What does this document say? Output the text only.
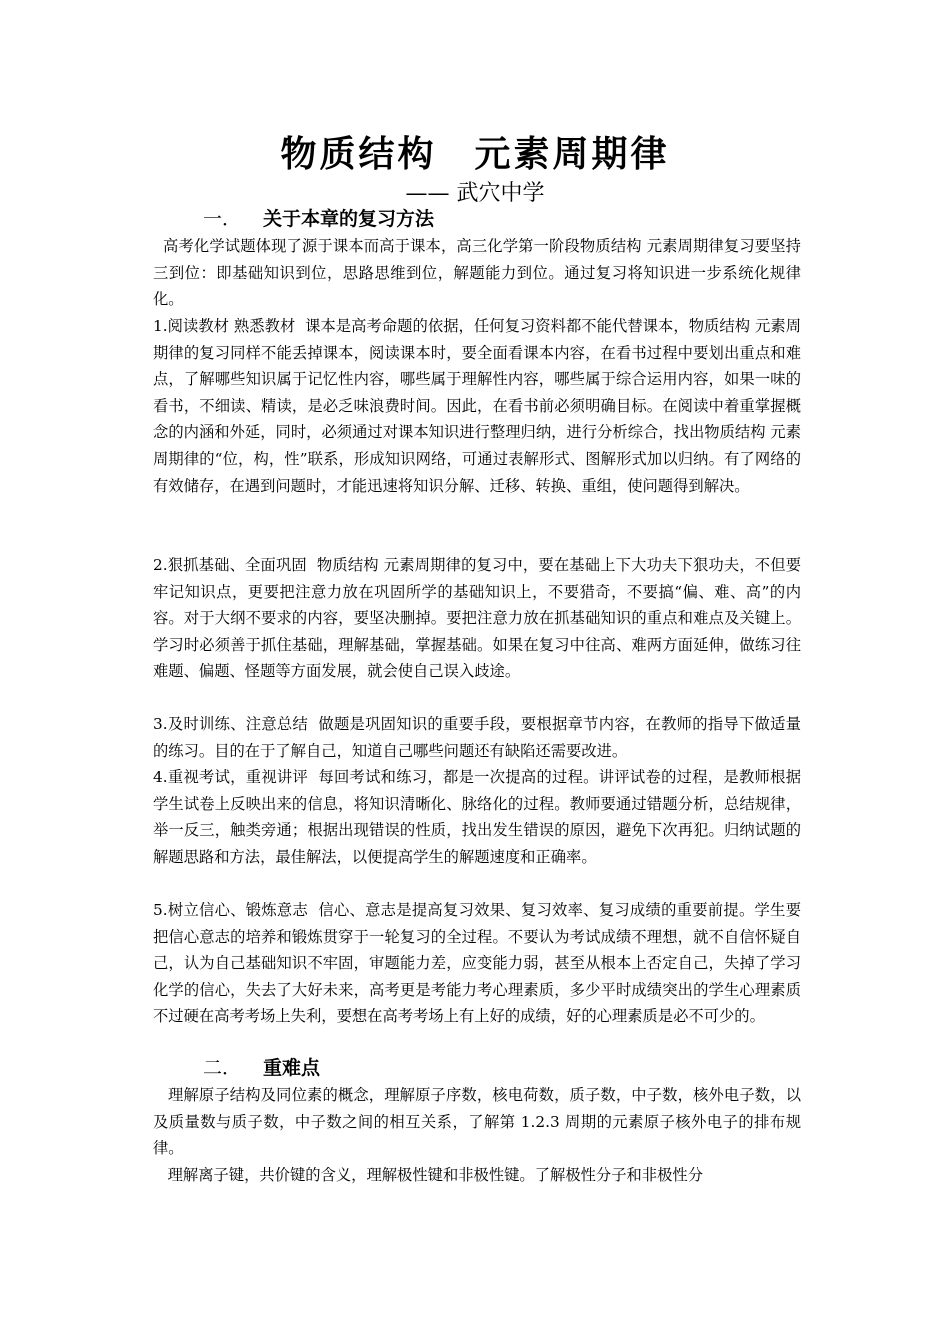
物质结构 元素周期律
—— 武穴中学
一． 关于本章的复习方法

高考化学试题体现了源于课本而高于课本，高三化学第一阶段物质结构 元素周期律复习要坚持三到位：即基础知识到位，思路思维到位，解题能力到位。通过复习将知识进一步系统化规律化。

1.阅读教材 熟悉教材  课本是高考命题的依据，任何复习资料都不能代替课本，物质结构 元素周期律的复习同样不能丢掉课本，阅读课本时，要全面看课本内容，在看书过程中要划出重点和难点，了解哪些知识属于记忆性内容，哪些属于理解性内容，哪些属于综合运用内容，如果一味的看书，不细读、精读，是必乏味浪费时间。因此，在看书前必须明确目标。在阅读中着重掌握概念的内涵和外延，同时，必须通过对课本知识进行整理归纳，进行分析综合，找出物质结构 元素周期律的“位，构，性”联系，形成知识网络，可通过表解形式、图解形式加以归纳。有了网络的有效储存，在遇到问题时，才能迅速将知识分解、迁移、转换、重组，使问题得到解决。

2.狠抓基础、全面巩固  物质结构 元素周期律的复习中，要在基础上下大功夫下狠功夫，不但要牢记知识点，更要把注意力放在巩固所学的基础知识上，不要猎奇，不要搞“偏、难、高”的内容。对于大纲不要求的内容，要坚决删掉。要把注意力放在抓基础知识的重点和难点及关键上。学习时必须善于抓住基础，理解基础，掌握基础。如果在复习中往高、难两方面延伸，做练习往难题、偏题、怪题等方面发展，就会使自己误入歧途。

3.及时训练、注意总结  做题是巩固知识的重要手段，要根据章节内容，在教师的指导下做适量的练习。目的在于了解自己，知道自己哪些问题还有缺陷还需要改进。

4.重视考试，重视讲评  每回考试和练习，都是一次提高的过程。讲评试卷的过程，是教师根据学生试卷上反映出来的信息，将知识清晰化、脉络化的过程。教师要通过错题分析，总结规律，举一反三，触类旁通；根据出现错误的性质，找出发生错误的原因，避免下次再犯。归纳试题的解题思路和方法，最佳解法，以便提高学生的解题速度和正确率。

5.树立信心、锻炼意志  信心、意志是提高复习效果、复习效率、复习成绩的重要前提。学生要把信心意志的培养和锻炼贯穿于一轮复习的全过程。不要认为考试成绩不理想，就不自信怀疑自己，认为自己基础知识不牢固，审题能力差，应变能力弱，甚至从根本上否定自己，失掉了学习化学的信心，失去了大好未来，高考更是考能力考心理素质，多少平时成绩突出的学生心理素质不过硬在高考考场上失利，要想在高考考场上有上好的成绩，好的心理素质是必不可少的。

二． 重难点

理解原子结构及同位素的概念，理解原子序数，核电荷数，质子数，中子数，核外电子数，以及质量数与质子数，中子数之间的相互关系，了解第 1.2.3 周期的元素原子核外电子的排布规律。

理解离子键，共价键的含义，理解极性键和非极性键。了解极性分子和非极性分
